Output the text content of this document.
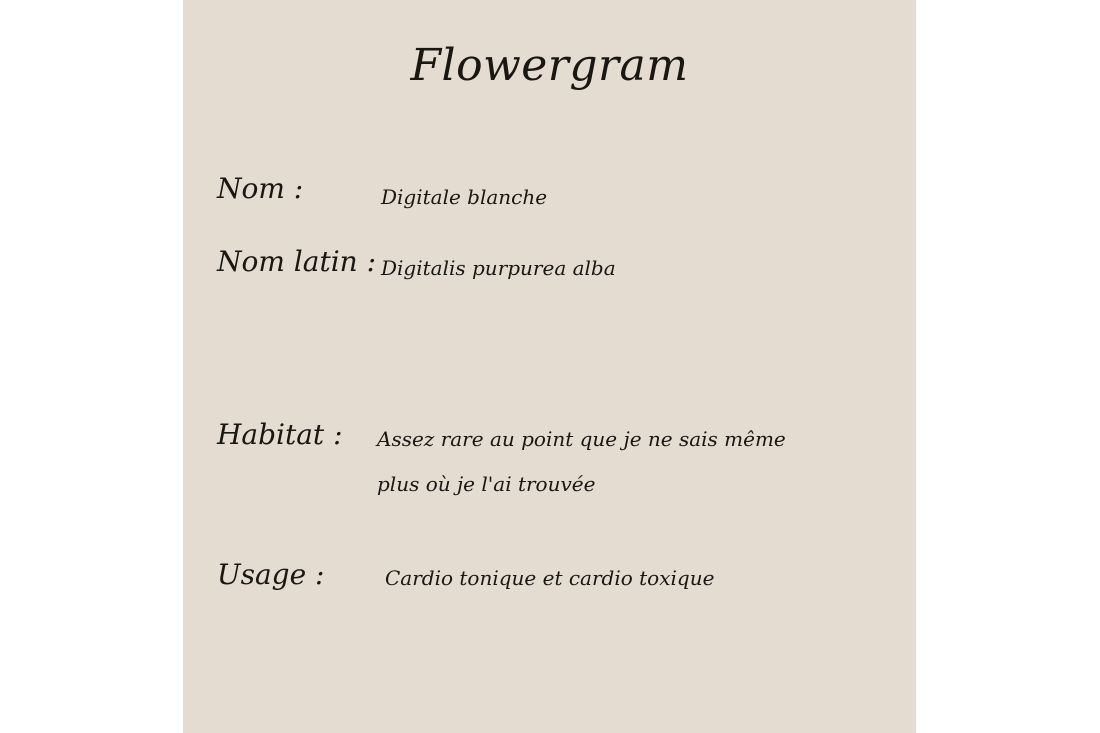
Flowergram
Nom :	Digitale blanche
Nom latin : Digitalis purpurea alba
Habitat : Assez rare au point que je ne sais même plus où je l'ai trouvée
Usage :	Cardio tonique et cardio toxique
